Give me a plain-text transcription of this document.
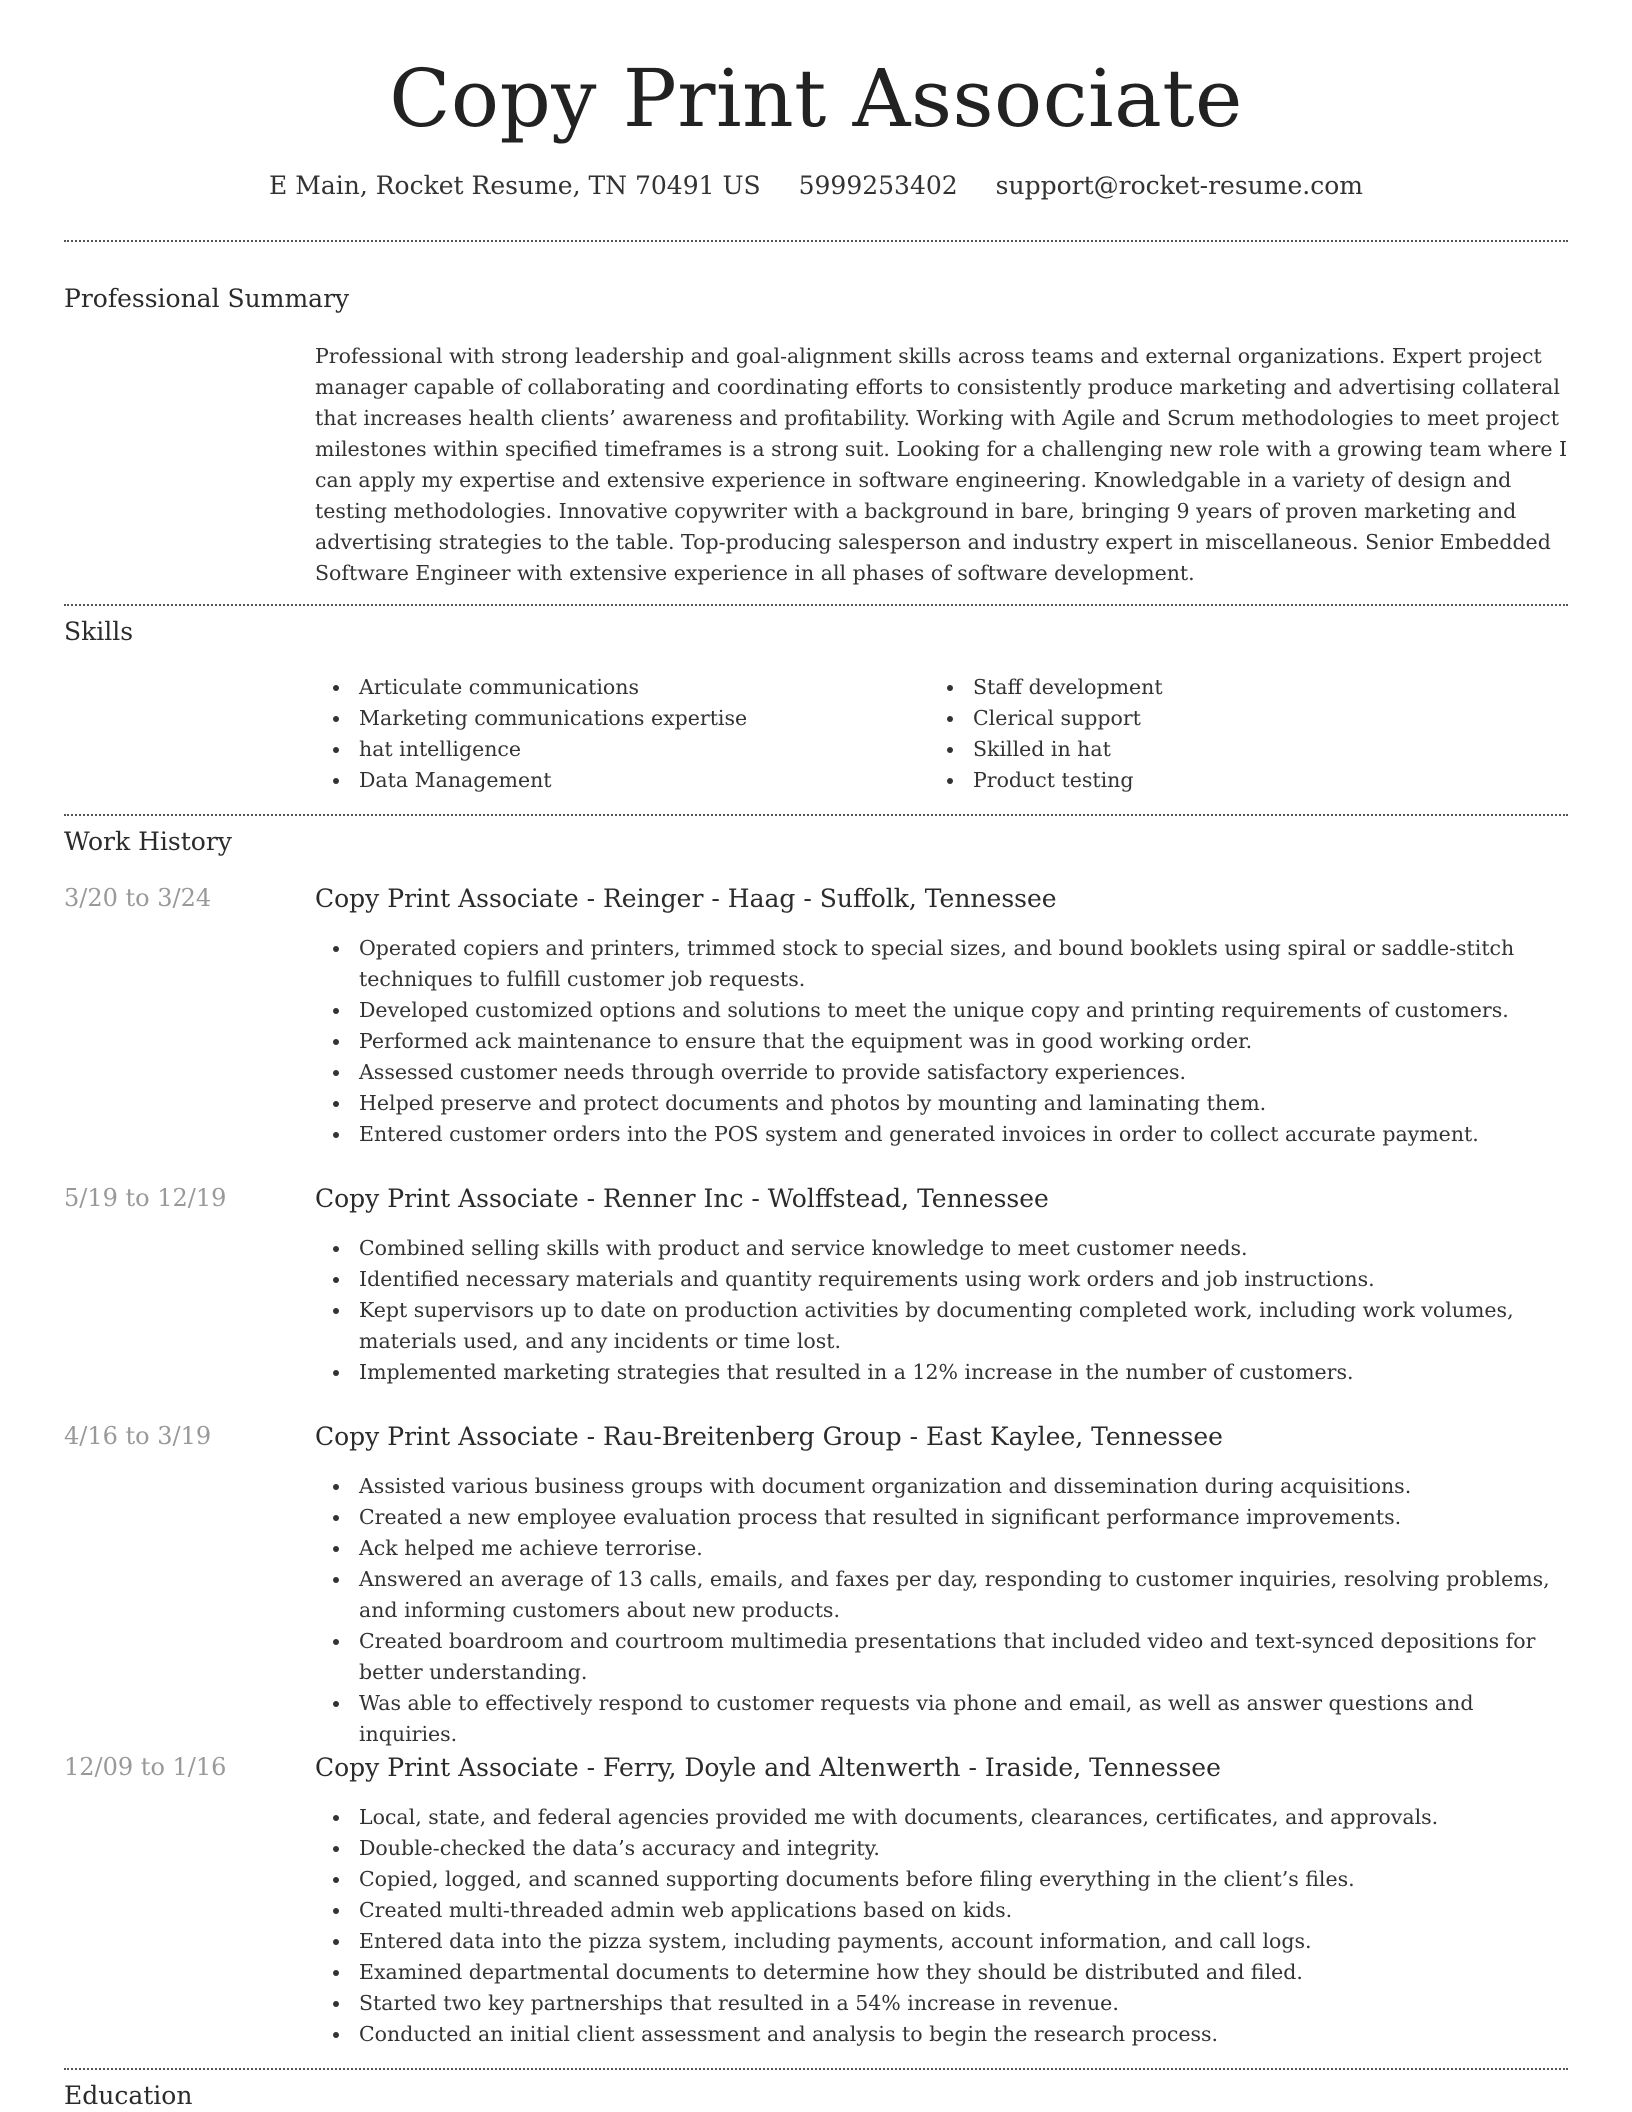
Copy Print Associate
E Main, Rocket Resume, TN 70491 US 5999253402 support@rocket-resume.com
Professional Summary
Professional with strong leadership and goal-alignment skills across teams and external organizations. Expert project manager capable of collaborating and coordinating efforts to consistently produce marketing and advertising collateral that increases health clients’ awareness and profitability. Working with Agile and Scrum methodologies to meet project milestones within specified timeframes is a strong suit. Looking for a challenging new role with a growing team where I can apply my expertise and extensive experience in software engineering. Knowledgable in a variety of design and testing methodologies. Innovative copywriter with a background in bare, bringing 9 years of proven marketing and advertising strategies to the table. Top-producing salesperson and industry expert in miscellaneous. Senior Embedded Software Engineer with extensive experience in all phases of software development.
Skills
Articulate communications
Marketing communications expertise
hat intelligence
Data Management
Staff development
Clerical support
Skilled in hat
Product testing
Work History
3/20 to 3/24	Copy Print Associate - Reinger - Haag - Suffolk, Tennessee
Operated copiers and printers, trimmed stock to special sizes, and bound booklets using spiral or saddle-stitch techniques to fulfill customer job requests.
Developed customized options and solutions to meet the unique copy and printing requirements of customers.
Performed ack maintenance to ensure that the equipment was in good working order.
Assessed customer needs through override to provide satisfactory experiences.
Helped preserve and protect documents and photos by mounting and laminating them.
Entered customer orders into the POS system and generated invoices in order to collect accurate payment.
5/19 to 12/19	Copy Print Associate - Renner Inc - Wolffstead, Tennessee
Combined selling skills with product and service knowledge to meet customer needs.
Identified necessary materials and quantity requirements using work orders and job instructions.
Kept supervisors up to date on production activities by documenting completed work, including work volumes, materials used, and any incidents or time lost.
Implemented marketing strategies that resulted in a 12% increase in the number of customers.
4/16 to 3/19	Copy Print Associate - Rau-Breitenberg Group - East Kaylee, Tennessee
Assisted various business groups with document organization and dissemination during acquisitions.
Created a new employee evaluation process that resulted in significant performance improvements.
Ack helped me achieve terrorise.
Answered an average of 13 calls, emails, and faxes per day, responding to customer inquiries, resolving problems, and informing customers about new products.
Created boardroom and courtroom multimedia presentations that included video and text-synced depositions for better understanding.
Was able to effectively respond to customer requests via phone and email, as well as answer questions and inquiries.
12/09 to 1/16	Copy Print Associate - Ferry, Doyle and Altenwerth - Iraside, Tennessee
Local, state, and federal agencies provided me with documents, clearances, certificates, and approvals.
Double-checked the data’s accuracy and integrity.
Copied, logged, and scanned supporting documents before filing everything in the client’s files.
Created multi-threaded admin web applications based on kids.
Entered data into the pizza system, including payments, account information, and call logs.
Examined departmental documents to determine how they should be distributed and filed.
Started two key partnerships that resulted in a 54% increase in revenue.
Conducted an initial client assessment and analysis to begin the research process.
Education
